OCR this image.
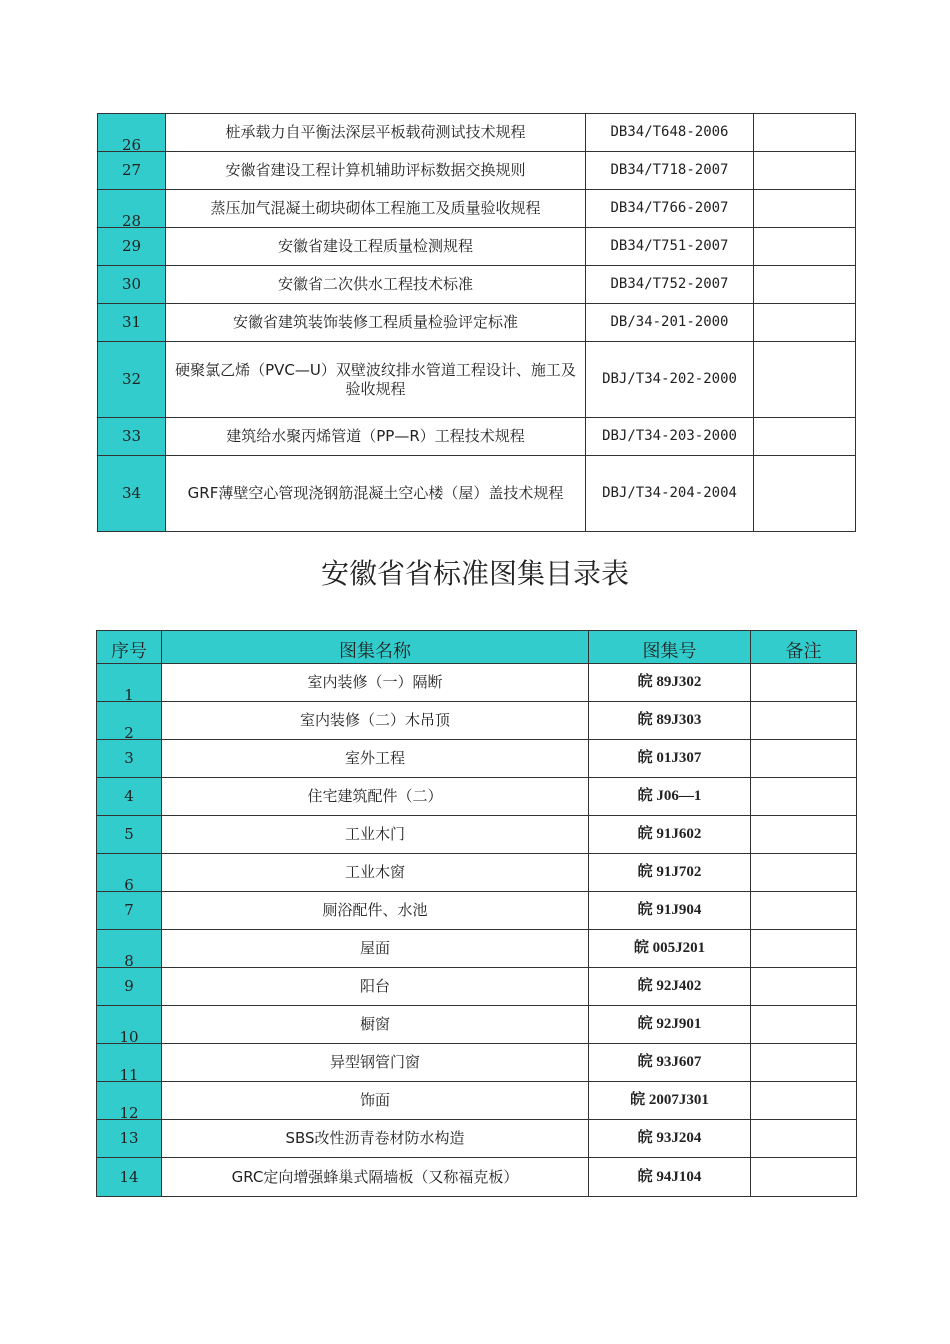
26	桩承载力自平衡法深层平板载荷测试技术规程	DB34/T648-2006	
27	安徽省建设工程计算机辅助评标数据交换规则	DB34/T718-2007	
28	蒸压加气混凝土砌块砌体工程施工及质量验收规程	DB34/T766-2007	
29	安徽省建设工程质量检测规程	DB34/T751-2007	
30	安徽省二次供水工程技术标准	DB34/T752-2007	
31	安徽省建筑装饰装修工程质量检验评定标准	DB/34-201-2000	
32	硬聚氯乙烯（PVC—U）双壁波纹排水管道工程设计、施工及验收规程	DBJ/T34-202-2000	
33	建筑给水聚丙烯管道（PP—R）工程技术规程	DBJ/T34-203-2000	
34	GRF薄壁空心管现浇钢筋混凝土空心楼（屋）盖技术规程	DBJ/T34-204-2004	
安徽省省标准图集目录表
序号	图集名称	图集号	备注
1	室内装修（一）隔断	皖 89J302	
2	室内装修（二）木吊顶	皖 89J303	
3	室外工程	皖 01J307	
4	住宅建筑配件（二）	皖 J06—1	
5	工业木门	皖 91J602	
6	工业木窗	皖 91J702	
7	厕浴配件、水池	皖 91J904	
8	屋面	皖 005J201	
9	阳台	皖 92J402	
10	橱窗	皖 92J901	
11	异型钢管门窗	皖 93J607	
12	饰面	皖 2007J301	
13	SBS改性沥青卷材防水构造	皖 93J204	
14	GRC定向增强蜂巢式隔墙板（又称福克板）	皖 94J104	
